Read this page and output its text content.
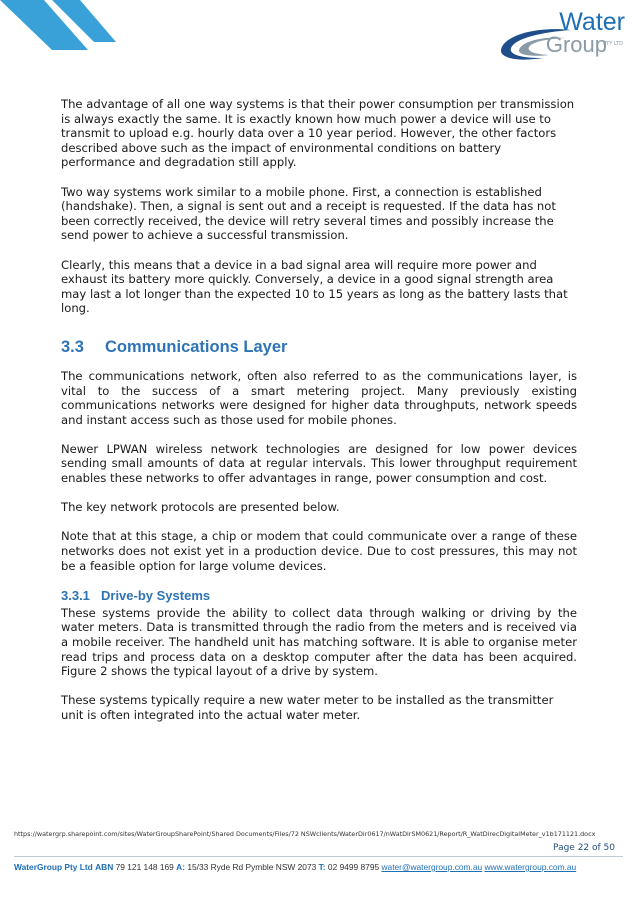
Water
Group
PTY LTD

The advantage of all one way systems is that their power consumption per transmission is always exactly the same. It is exactly known how much power a device will use to transmit to upload e.g. hourly data over a 10 year period. However, the other factors described above such as the impact of environmental conditions on battery performance and degradation still apply.

Two way systems work similar to a mobile phone. First, a connection is established (handshake). Then, a signal is sent out and a receipt is requested. If the data has not been correctly received, the device will retry several times and possibly increase the send power to achieve a successful transmission.

Clearly, this means that a device in a bad signal area will require more power and exhaust its battery more quickly. Conversely, a device in a good signal strength area may last a lot longer than the expected 10 to 15 years as long as the battery lasts that long.

3.3 Communications Layer

The communications network, often also referred to as the communications layer, is vital to the success of a smart metering project. Many previously existing communications networks were designed for higher data throughputs, network speeds and instant access such as those used for mobile phones.

Newer LPWAN wireless network technologies are designed for low power devices sending small amounts of data at regular intervals. This lower throughput requirement enables these networks to offer advantages in range, power consumption and cost.

The key network protocols are presented below.

Note that at this stage, a chip or modem that could communicate over a range of these networks does not exist yet in a production device. Due to cost pressures, this may not be a feasible option for large volume devices.

3.3.1 Drive-by Systems

These systems provide the ability to collect data through walking or driving by the water meters. Data is transmitted through the radio from the meters and is received via a mobile receiver. The handheld unit has matching software. It is able to organise meter read trips and process data on a desktop computer after the data has been acquired. Figure 2 shows the typical layout of a drive by system.

These systems typically require a new water meter to be installed as the transmitter unit is often integrated into the actual water meter.

https://watergrp.sharepoint.com/sites/WaterGroupSharePoint/Shared Documents/Files/72 NSWclients/WaterDir0617/nWatDirSM0621/Report/R_WatDirecDigitalMeter_v1b171121.docx
Page 22 of 50
WaterGroup Pty Ltd ABN 79 121 148 169 A: 15/33 Ryde Rd Pymble NSW 2073 T: 02 9499 8795 water@watergroup.com.au www.watergroup.com.au
